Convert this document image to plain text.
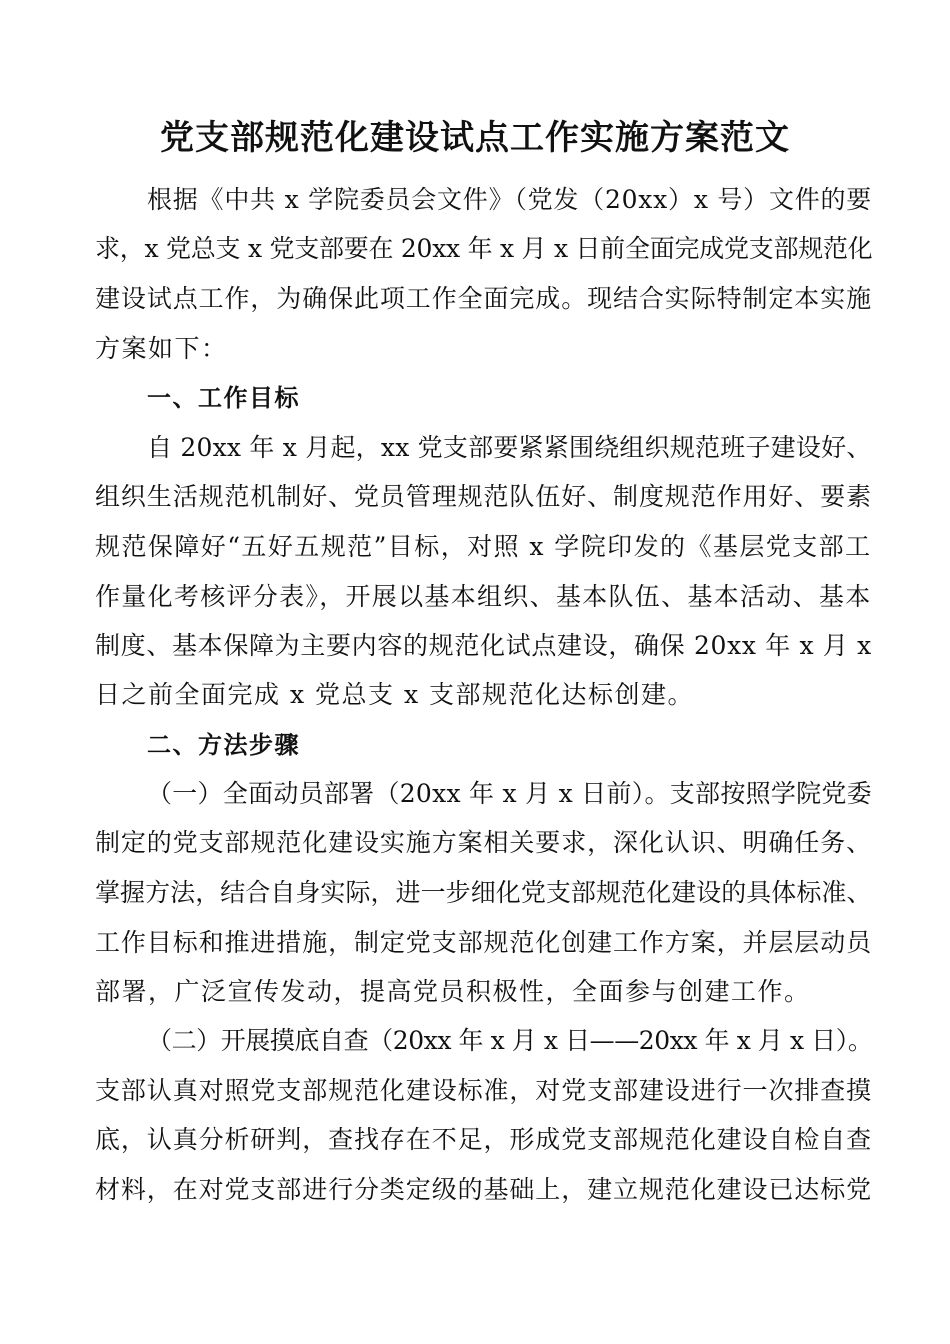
党支部规范化建设试点工作实施方案范文
根据《中共 x 学院委员会文件》（党发（20xx）x 号）文件的要
求，x 党总支 x 党支部要在 20xx 年 x 月 x 日前全面完成党支部规范化
建设试点工作，为确保此项工作全面完成。现结合实际特制定本实施
方案如下：
一、工作目标
自 20xx 年 x 月起，xx 党支部要紧紧围绕组织规范班子建设好、
组织生活规范机制好、党员管理规范队伍好、制度规范作用好、要素
规范保障好“五好五规范”目标，对照 x 学院印发的《基层党支部工
作量化考核评分表》，开展以基本组织、基本队伍、基本活动、基本
制度、基本保障为主要内容的规范化试点建设，确保 20xx 年 x 月 x
日之前全面完成 x 党总支 x 支部规范化达标创建。
二、方法步骤
（一）全面动员部署（20xx 年 x 月 x 日前）。支部按照学院党委
制定的党支部规范化建设实施方案相关要求，深化认识、明确任务、
掌握方法，结合自身实际，进一步细化党支部规范化建设的具体标准、
工作目标和推进措施，制定党支部规范化创建工作方案，并层层动员
部署，广泛宣传发动，提高党员积极性，全面参与创建工作。
（二）开展摸底自查（20xx 年 x 月 x 日——20xx 年 x 月 x 日）。
支部认真对照党支部规范化建设标准，对党支部建设进行一次排查摸
底，认真分析研判，查找存在不足，形成党支部规范化建设自检自查
材料，在对党支部进行分类定级的基础上，建立规范化建设已达标党
